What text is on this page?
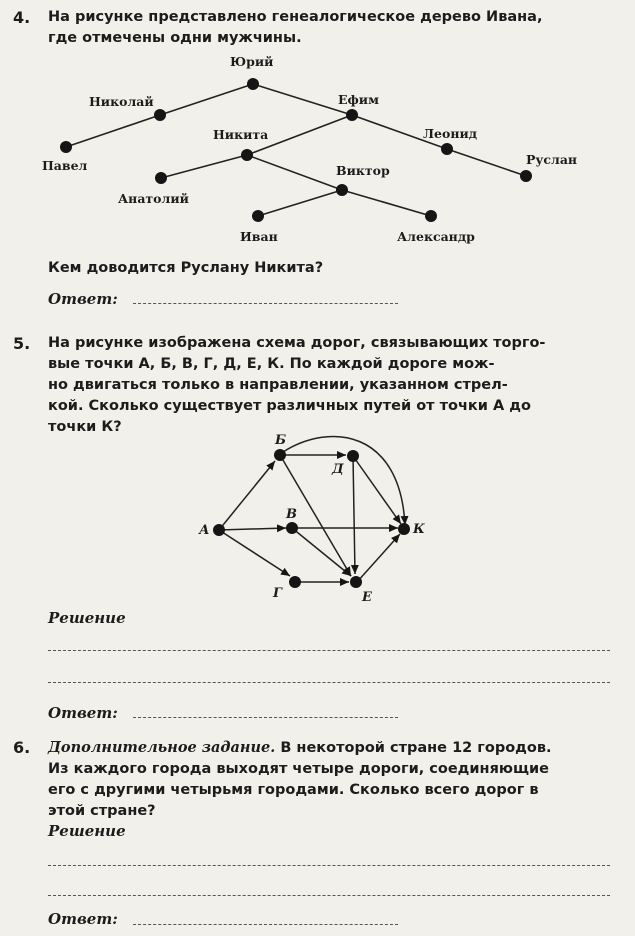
4. На рисунке представлено генеалогическое дерево Ивана,
где отмечены одни мужчины.
Юрий
Николай	Ефим
Никита	Леонид
Павел	Руслан
Виктор
Анатолий
Иван	Александр
Кем доводится Руслану Никита?
Ответ:
5. На рисунке изображена схема дорог, связывающих торго-
вые точки А, Б, В, Г, Д, Е, К. По каждой дороге мож-
но двигаться только в направлении, указанном стрел-
кой. Сколько существует различных путей от точки А до
точки К?
А
Б
В
Г
Д
Е
К
Решение
Ответ:
6. Дополнительное задание. В некоторой стране 12 городов.
Из каждого города выходят четыре дороги, соединяющие
его с другими четырьмя городами. Сколько всего дорог в
этой стране?
Решение
Ответ:
